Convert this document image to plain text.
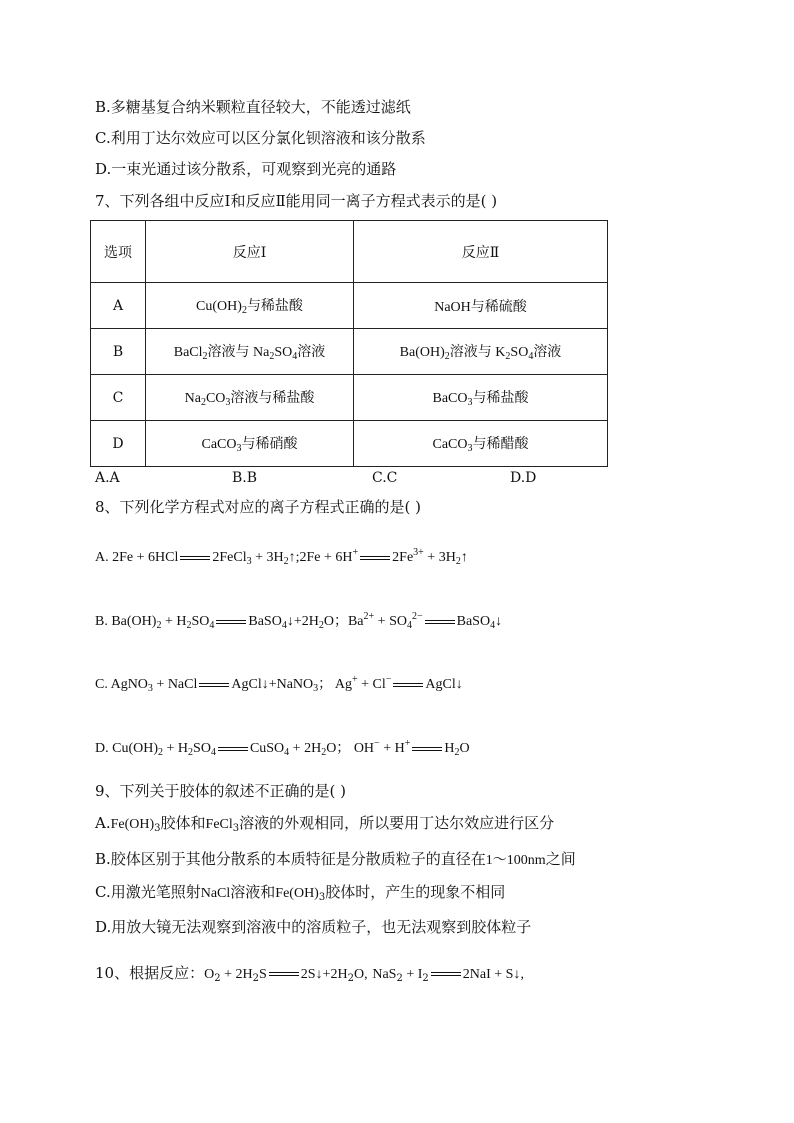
B.多糖基复合纳米颗粒直径较大，不能透过滤纸
C.利用丁达尔效应可以区分氯化钡溶液和该分散系
D.一束光通过该分散系，可观察到光亮的通路
7、下列各组中反应Ⅰ和反应Ⅱ能用同一离子方程式表示的是( )
选项	反应I	反应Ⅱ
A	$Cu(OH)_2$与稀盐酸	NaOH与稀硫酸
B	BaCl$_2$溶液与 $Na_2SO_4$溶液	$Ba(OH)_2$溶液与 $K_2SO_4$溶液
C	$Na_2CO_3$溶液与稀盐酸	BaCO$_3$与稀盐酸
D	CaCO$_3$与稀硝酸	CaCO$_3$与稀醋酸
A.A	B.B	C.C	D.D
8、下列化学方程式对应的离子方程式正确的是( )
A. 2Fe + 6HCl 2FeCl$_3$ + $3H_2↑;2Fe + 6H^+$ $2Fe^{3+}$ + $3H_2↑$
B. $Ba(OH)_2 + H_2SO_4$ $BaSO_4↓+2H_2O$；$Ba^{2+} + SO_4^{2-}$ BaSO$_4$↓
C. AgNO$_3$ + NaCl AgCl↓+NaNO$_3$； Ag+ + Cl− AgCl↓
D. $Cu(OH)_2 + H_2SO_4$ CuSO$_4$ + $2H_2O$； OH− + H+ $H_2O$
9、下列关于胶体的叙述不正确的是( )
$A.Fe(OH)_3$胶体和FeCl$_3$溶液的外观相同，所以要用丁达尔效应进行区分
B.胶体区别于其他分散系的本质特征是分散质粒子的直径在1～100nm之间
C.用激光笔照射NaCl溶液和$Fe(OH)_3$胶体时，产生的现象不相同
D.用放大镜无法观察到溶液中的溶质粒子，也无法观察到胶体粒子
10、根据反应：$O_2 + 2H_2S$ $2S↓+2H_2O$, $NaS_2 + I_2$ 2NaI + S↓,
